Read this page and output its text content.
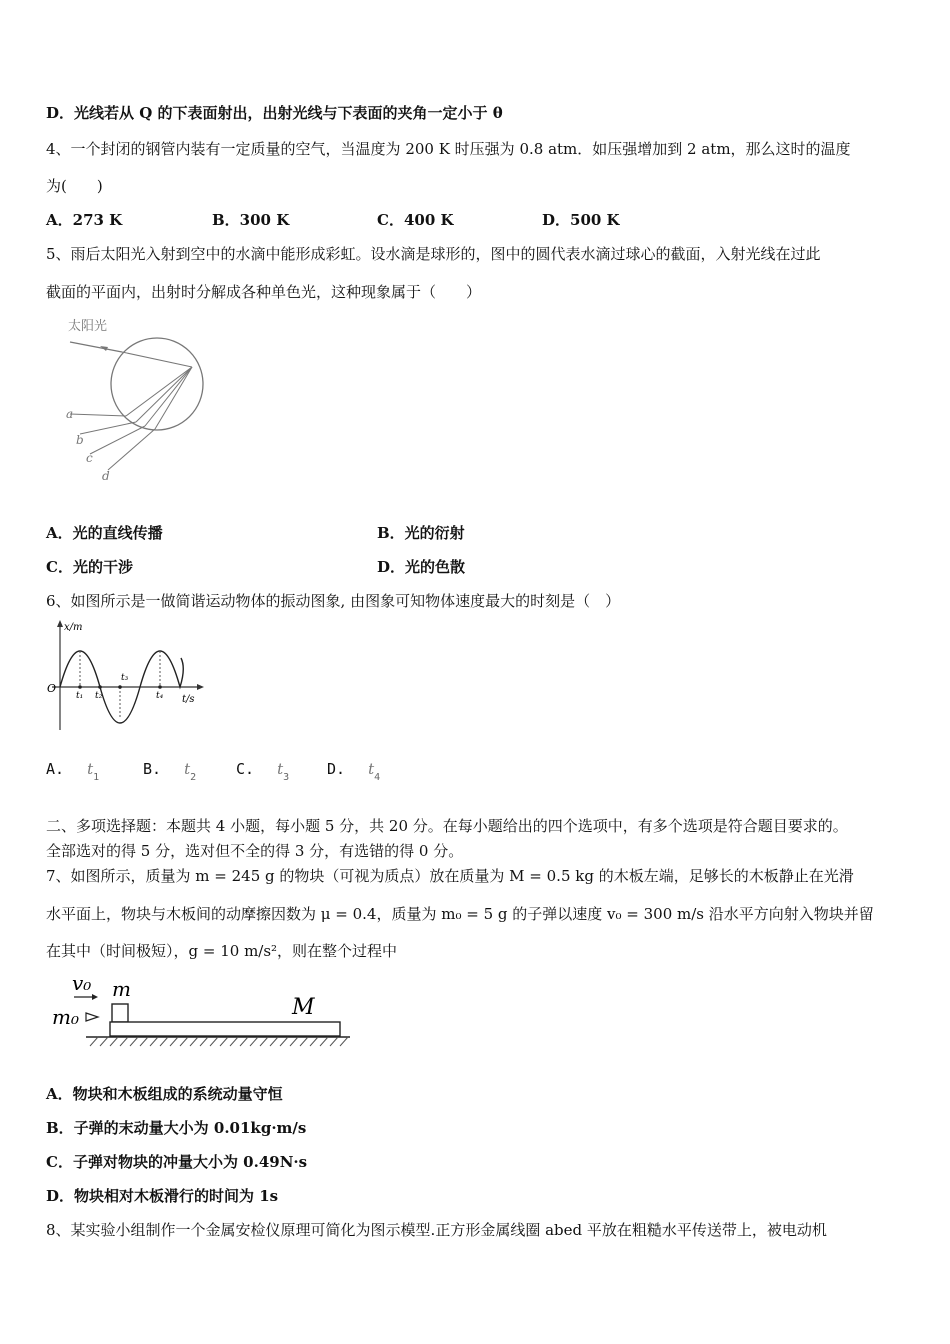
D．光线若从 Q 的下表面射出，出射光线与下表面的夹角一定小于 θ
4、一个封闭的钢管内装有一定质量的空气，当温度为 200 K 时压强为 0.8 atm．如压强增加到 2 atm，那么这时的温度
为(　　)
A．273 K	B．300 K	C．400 K	D．500 K
5、雨后太阳光入射到空中的水滴中能形成彩虹。设水滴是球形的，图中的圆代表水滴过球心的截面，入射光线在过此
截面的平面内，出射时分解成各种单色光，这种现象属于（　　）
太阳光
a
b
c
d
A．光的直线传播	B．光的衍射
C．光的干涉	D．光的色散
6、如图所示是一做简谐运动物体的振动图象, 由图象可知物体速度最大的时刻是（　）
x/m
t/s
O
t₁ t₂
t₃
t₄
A. $t_1$	B. $t_2$	C. $t_3$	D. $t_4$
二、多项选择题：本题共 4 小题，每小题 5 分，共 20 分。在每小题给出的四个选项中，有多个选项是符合题目要求的。
全部选对的得 5 分，选对但不全的得 3 分，有选错的得 0 分。
7、如图所示，质量为 m = 245 g 的物块（可视为质点）放在质量为 M = 0.5 kg 的木板左端，足够长的木板静止在光滑
水平面上，物块与木板间的动摩擦因数为 μ = 0.4，质量为 m₀ = 5 g 的子弹以速度 v₀ = 300 m/s 沿水平方向射入物块并留
在其中（时间极短），g = 10 m/s²，则在整个过程中
v₀ m
m₀	M
A．物块和木板组成的系统动量守恒
B．子弹的末动量大小为 0.01kg·m/s
C．子弹对物块的冲量大小为 0.49N·s
D．物块相对木板滑行的时间为 1s
8、某实验小组制作一个金属安检仪原理可简化为图示模型.正方形金属线圈 abed 平放在粗糙水平传送带上，被电动机
